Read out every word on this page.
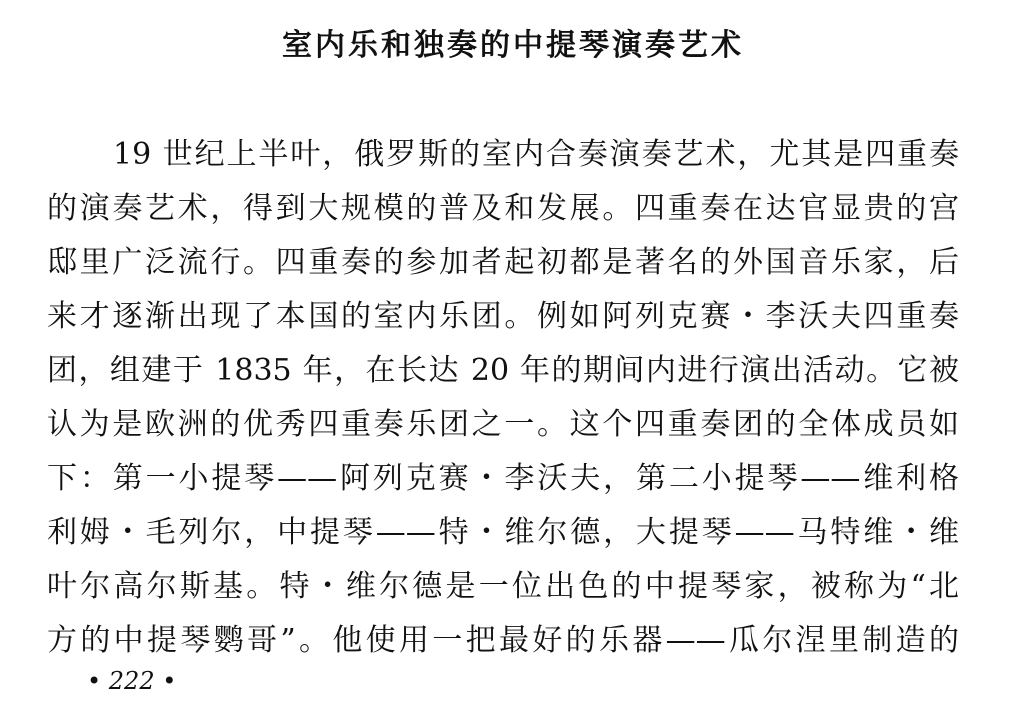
室内乐和独奏的中提琴演奏艺术
19 世纪上半叶，俄罗斯的室内合奏演奏艺术，尤其是四重奏
的演奏艺术，得到大规模的普及和发展。四重奏在达官显贵的宫
邸里广泛流行。四重奏的参加者起初都是著名的外国音乐家，后
来才逐渐出现了本国的室内乐团。例如阿列克赛・李沃夫四重奏
团，组建于 1835 年，在长达 20 年的期间内进行演出活动。它被
认为是欧洲的优秀四重奏乐团之一。这个四重奏团的全体成员如
下：第一小提琴——阿列克赛・李沃夫，第二小提琴——维利格
利姆・毛列尔，中提琴——特・维尔德，大提琴——马特维・维
叶尔高尔斯基。特・维尔德是一位出色的中提琴家，被称为“北
方的中提琴鹦哥”。他使用一把最好的乐器——瓜尔涅里制造的
• 222 •
